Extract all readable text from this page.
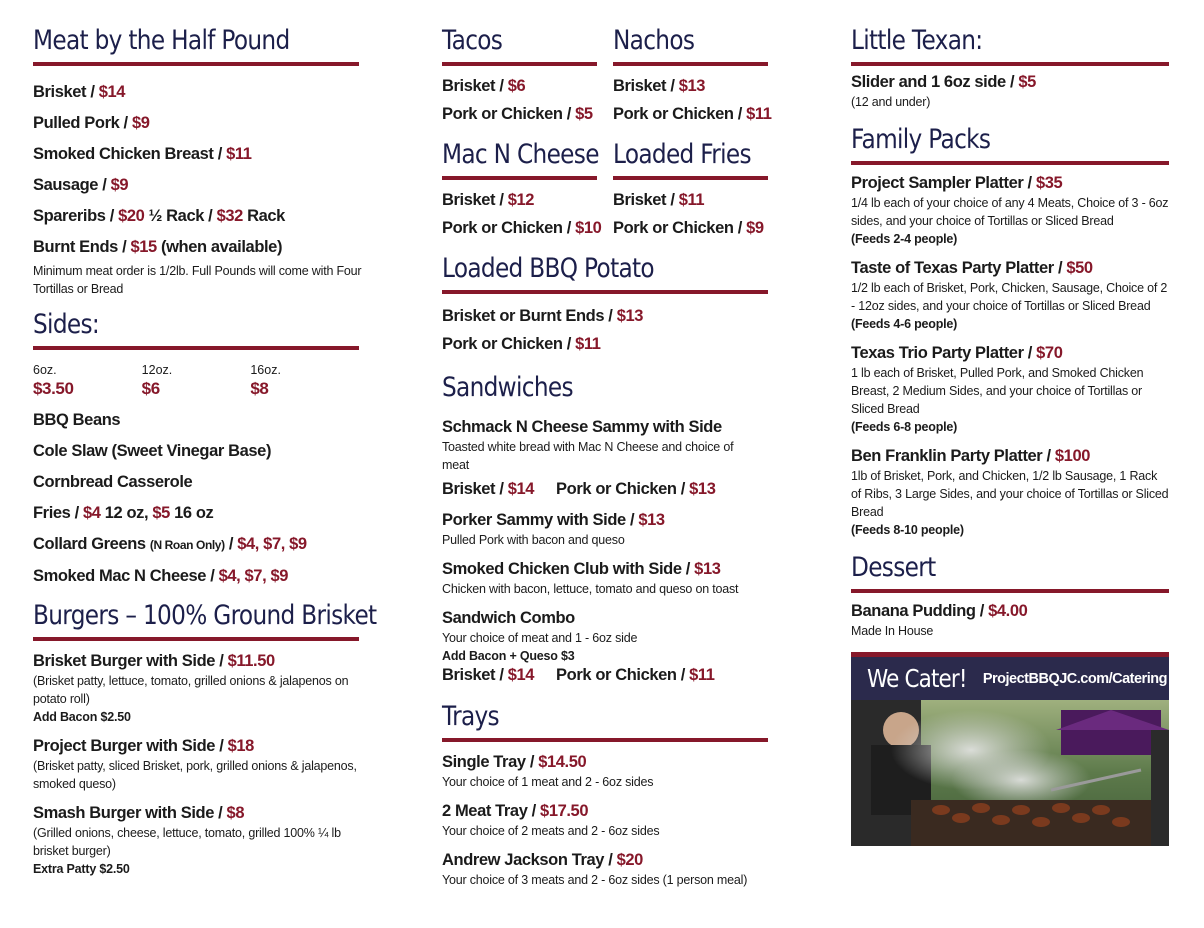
Meat by the Half Pound
Brisket / $14
Pulled Pork / $9
Smoked Chicken Breast / $11
Sausage / $9
Spareribs / $20 ½ Rack / $32 Rack
Burnt Ends / $15 (when available)
Minimum meat order is 1/2lb. Full Pounds will come with Four Tortillas or Bread
Sides:
6oz.
$3.50
12oz.
$6
16oz.
$8
BBQ Beans
Cole Slaw (Sweet Vinegar Base)
Cornbread Casserole
Fries / $4 12 oz, $5 16 oz
Collard Greens (N Roan Only) / $4, $7, $9
Smoked Mac N Cheese / $4, $7, $9
Burgers – 100% Ground Brisket
Brisket Burger with Side / $11.50
(Brisket patty, lettuce, tomato, grilled onions & jalapenos on potato roll)
Add Bacon $2.50
Project Burger with Side / $18
(Brisket patty, sliced Brisket, pork, grilled onions & jalapenos, smoked queso)
Smash Burger with Side / $8
(Grilled onions, cheese, lettuce, tomato, grilled 100% ¼ lb brisket burger)
Extra Patty $2.50
Tacos
Brisket / $6
Pork or Chicken / $5
Nachos
Brisket / $13
Pork or Chicken / $11
Mac N Cheese
Brisket / $12
Pork or Chicken / $10
Loaded Fries
Brisket / $11
Pork or Chicken / $9
Loaded BBQ Potato
Brisket or Burnt Ends / $13
Pork or Chicken / $11
Sandwiches
Schmack N Cheese Sammy with Side
Toasted white bread with Mac N Cheese and choice of meat
Brisket / $14 Pork or Chicken / $13
Porker Sammy with Side / $13
Pulled Pork with bacon and queso
Smoked Chicken Club with Side / $13
Chicken with bacon, lettuce, tomato and queso on toast
Sandwich Combo
Your choice of meat and 1 - 6oz side
Add Bacon + Queso $3
Brisket / $14 Pork or Chicken / $11
Trays
Single Tray / $14.50
Your choice of 1 meat and 2 - 6oz sides
2 Meat Tray / $17.50
Your choice of 2 meats and 2 - 6oz sides
Andrew Jackson Tray / $20
Your choice of 3 meats and 2 - 6oz sides (1 person meal)
Little Texan:
Slider and 1 6oz side / $5
(12 and under)
Family Packs
Project Sampler Platter / $35
1/4 lb each of your choice of any 4 Meats, Choice of 3 - 6oz sides, and your choice of Tortillas or Sliced Bread
(Feeds 2-4 people)
Taste of Texas Party Platter / $50
1/2 lb each of Brisket, Pork, Chicken, Sausage, Choice of 2 - 12oz sides, and your choice of Tortillas or Sliced Bread
(Feeds 4-6 people)
Texas Trio Party Platter / $70
1 lb each of Brisket, Pulled Pork, and Smoked Chicken Breast, 2 Medium Sides, and your choice of Tortillas or Sliced Bread
(Feeds 6-8 people)
Ben Franklin Party Platter / $100
1lb of Brisket, Pork, and Chicken, 1/2 lb Sausage, 1 Rack of Ribs, 3 Large Sides, and your choice of Tortillas or Sliced Bread
(Feeds 8-10 people)
Dessert
Banana Pudding / $4.00
Made In House
We Cater! ProjectBBQJC.com/Catering
